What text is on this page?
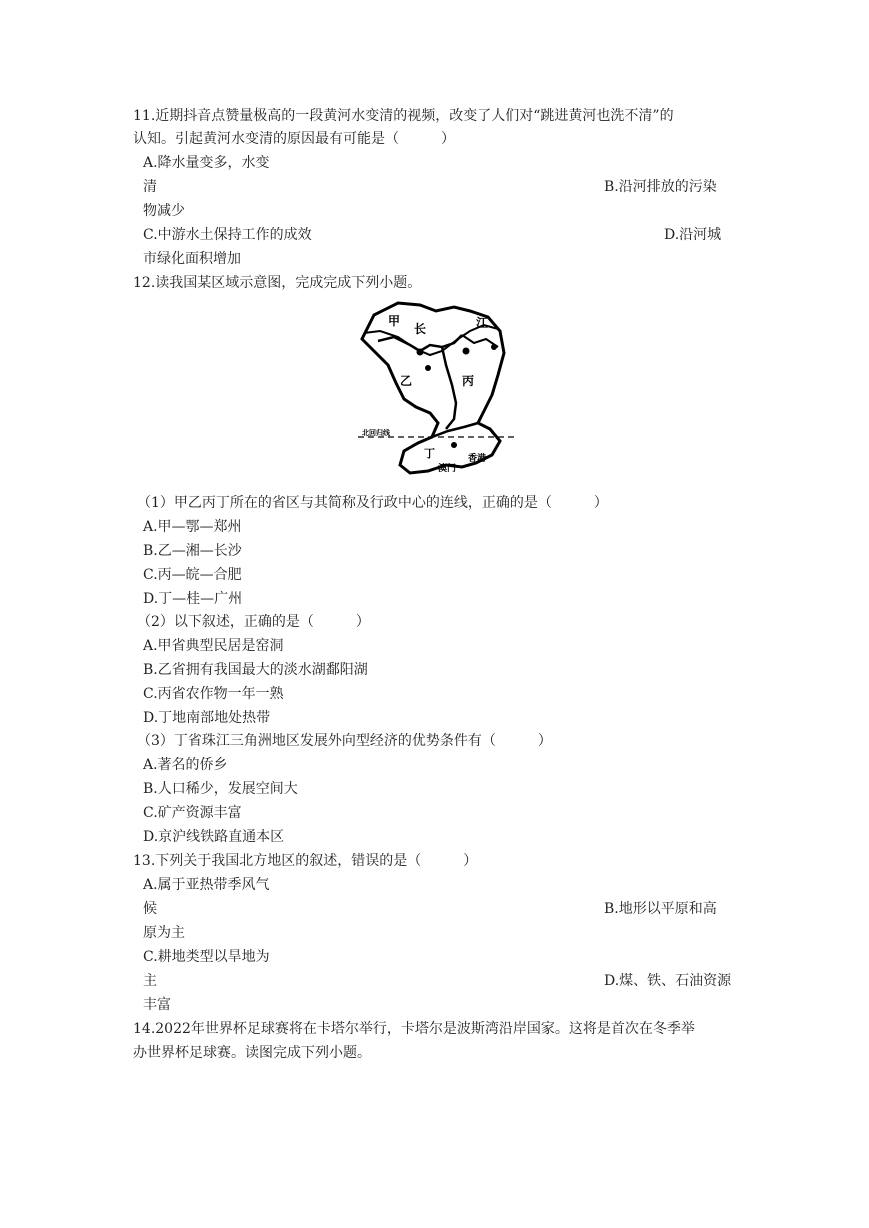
11.近期抖音点赞量极高的一段黄河水变清的视频，改变了人们对“跳进黄河也洗不清”的
认知。引起黄河水变清的原因最有可能是（　　　）
A.降水量变多，水变
清	B.沿河排放的污染
物减少
C.中游水土保持工作的成效	D.沿河城
市绿化面积增加
12.读我国某区域示意图，完成完成下列小题。
甲
长	江
乙	丙
北回归线
丁
澳门
香港
（1）甲乙丙丁所在的省区与其简称及行政中心的连线，正确的是（　　　）
A.甲—鄂—郑州
B.乙—湘—长沙
C.丙—皖—合肥
D.丁—桂—广州
（2）以下叙述，正确的是（　　　）
A.甲省典型民居是窑洞
B.乙省拥有我国最大的淡水湖鄱阳湖
C.丙省农作物一年一熟
D.丁地南部地处热带
（3）丁省珠江三角洲地区发展外向型经济的优势条件有（　　　）
A.著名的侨乡
B.人口稀少，发展空间大
C.矿产资源丰富
D.京沪线铁路直通本区
13.下列关于我国北方地区的叙述，错误的是（　　　）
A.属于亚热带季风气
候	B.地形以平原和高
原为主
C.耕地类型以旱地为
主	D.煤、铁、石油资源
丰富
14.2022年世界杯足球赛将在卡塔尔举行，卡塔尔是波斯湾沿岸国家。这将是首次在冬季举
办世界杯足球赛。读图完成下列小题。
